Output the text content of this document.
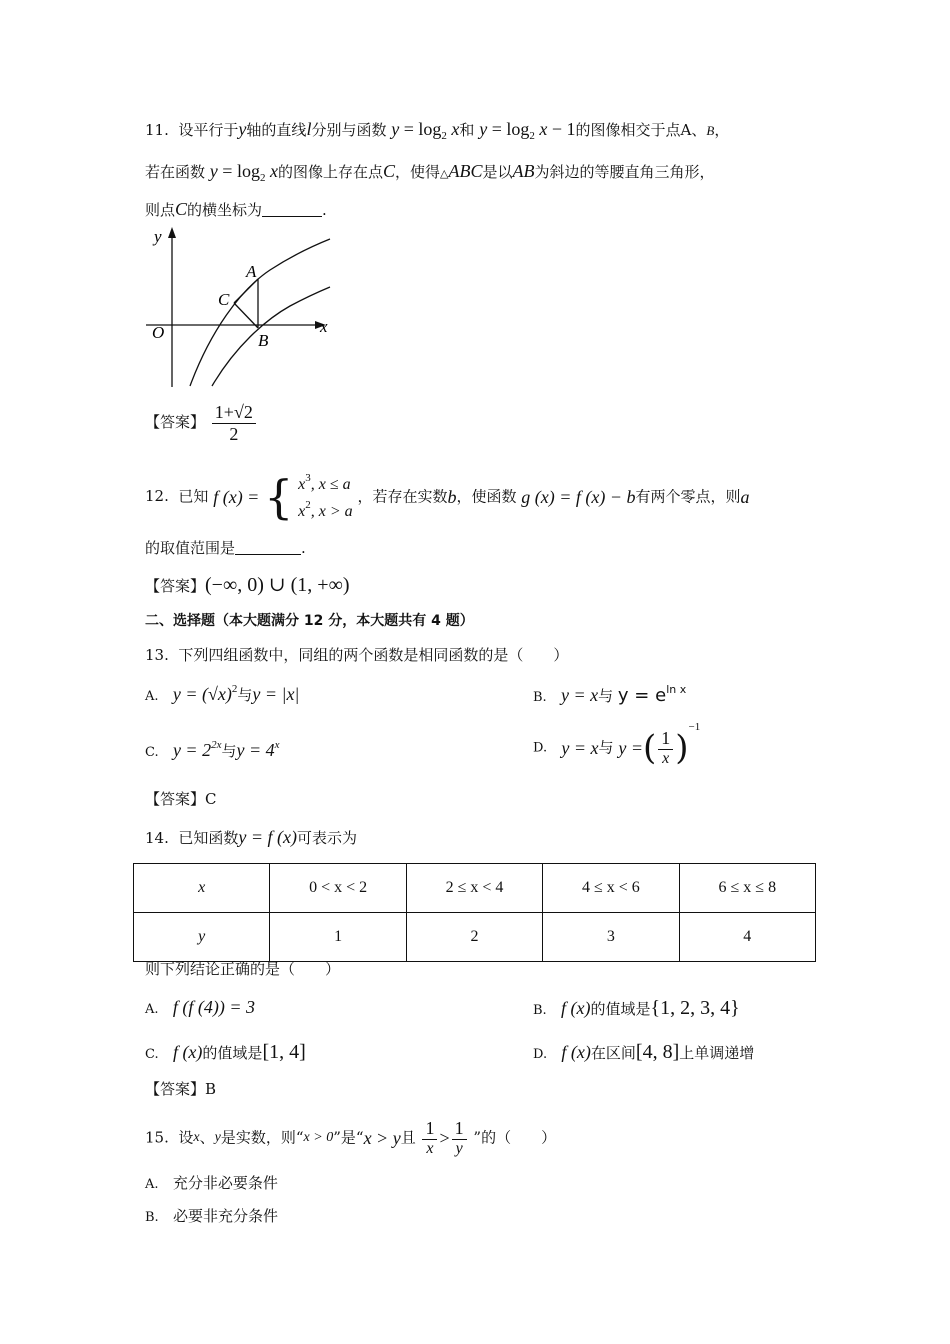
11. 设平行于y轴的直线l分别与函数 $y = \log_2 x$和 $y = \log_2 x - 1$的图像相交于点A、B，
若在函数 $y = \log_2 x$的图像上存在点C，使得△ABC是以AB为斜边的等腰直角三角形，
则点C的横坐标为	.
y
x
O
A
B
C
【答案】 $\frac{1+√2}{2}$
12. 已知 f (x) = { $x^3$, x ≤ a
$x^2$, x > a
，若存在实数b，使函数 g (x) = f (x) − b有两个零点，则a
的取值范围是	.
【答案】(−∞, 0) ∪ (1, +∞)
二、选择题（本大题满分 12 分，本大题共有 4 题）
13. 下列四组函数中，同组的两个函数是相同函数的是（　　）
A. $y = (√x)^2$与y = |x|	B. y = x与 $y = e^{ln x}$
C. $y = 2^{2x}$与$y = 4^x$	D. y = x与 y =( $\frac{1}{x} )^{-1}$
【答案】C
14. 已知函数y = f (x)可表示为
x	0 < x < 2	2 ≤ x < 4	4 ≤ x < 6	6 ≤ x ≤ 8
y	1	2	3	4
则下列结论正确的是（　　）
A. f (f (4)) = 3	B. f (x)的值域是{1, 2, 3, 4}
C. f (x)的值域是[1, 4]	D. f (x)在区间[4, 8]上单调递增
【答案】B
15. 设x、y是实数，则“x > 0”是“x > y且 $\frac{1}{x} > \frac{1}{y}$ ”的（　　）
A. 充分非必要条件
B. 必要非充分条件
